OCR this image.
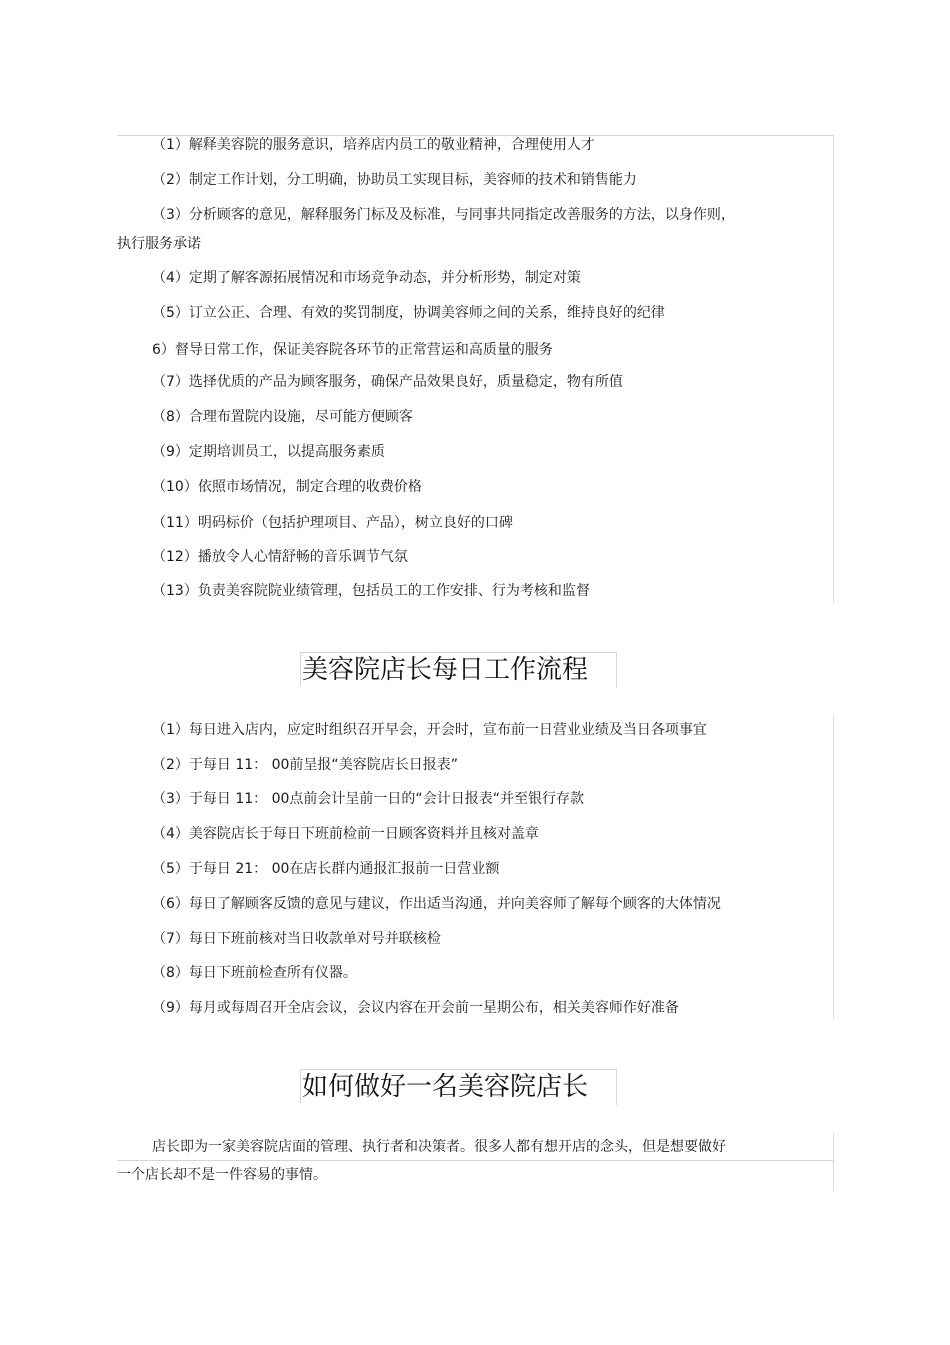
（1）解释美容院的服务意识，培养店内员工的敬业精神，合理使用人才
（2）制定工作计划，分工明确，协助员工实现目标，美容师的技术和销售能力
（3）分析顾客的意见，解释服务门标及及标准，与同事共同指定改善服务的方法，以身作则，
执行服务承诺
（4）定期了解客源拓展情况和市场竞争动态，并分析形势，制定对策
（5）订立公正、合理、有效的奖罚制度，协调美容师之间的关系，维持良好的纪律
6）督导日常工作，保证美容院各环节的正常营运和高质量的服务
（7）选择优质的产品为顾客服务，确保产品效果良好，质量稳定，物有所值
（8）合理布置院内设施，尽可能方便顾客
（9）定期培训员工，以提高服务素质
（10）依照市场情况，制定合理的收费价格
（11）明码标价（包括护理项目、产品），树立良好的口碑
（12）播放令人心情舒畅的音乐调节气氛
（13）负责美容院院业绩管理，包括员工的工作安排、行为考核和监督
美容院店长每日工作流程
（1）每日进入店内，应定时组织召开早会，开会时，宣布前一日营业业绩及当日各项事宜
（2）于每日 11： 00前呈报“美容院店长日报表”
（3）于每日 11： 00点前会计呈前一日的“会计日报表“并至银行存款
（4）美容院店长于每日下班前检前一日顾客资料并且核对盖章
（5）于每日 21： 00在店长群内通报汇报前一日营业额
（6）每日了解顾客反馈的意见与建议，作出适当沟通，并向美容师了解每个顾客的大体情况
（7）每日下班前核对当日收款单对号并联核检
（8）每日下班前检查所有仪器。
（9）每月或每周召开全店会议，会议内容在开会前一星期公布，相关美容师作好准备
如何做好一名美容院店长
店长即为一家美容院店面的管理、执行者和决策者。很多人都有想开店的念头，但是想要做好
一个店长却不是一件容易的事情。
